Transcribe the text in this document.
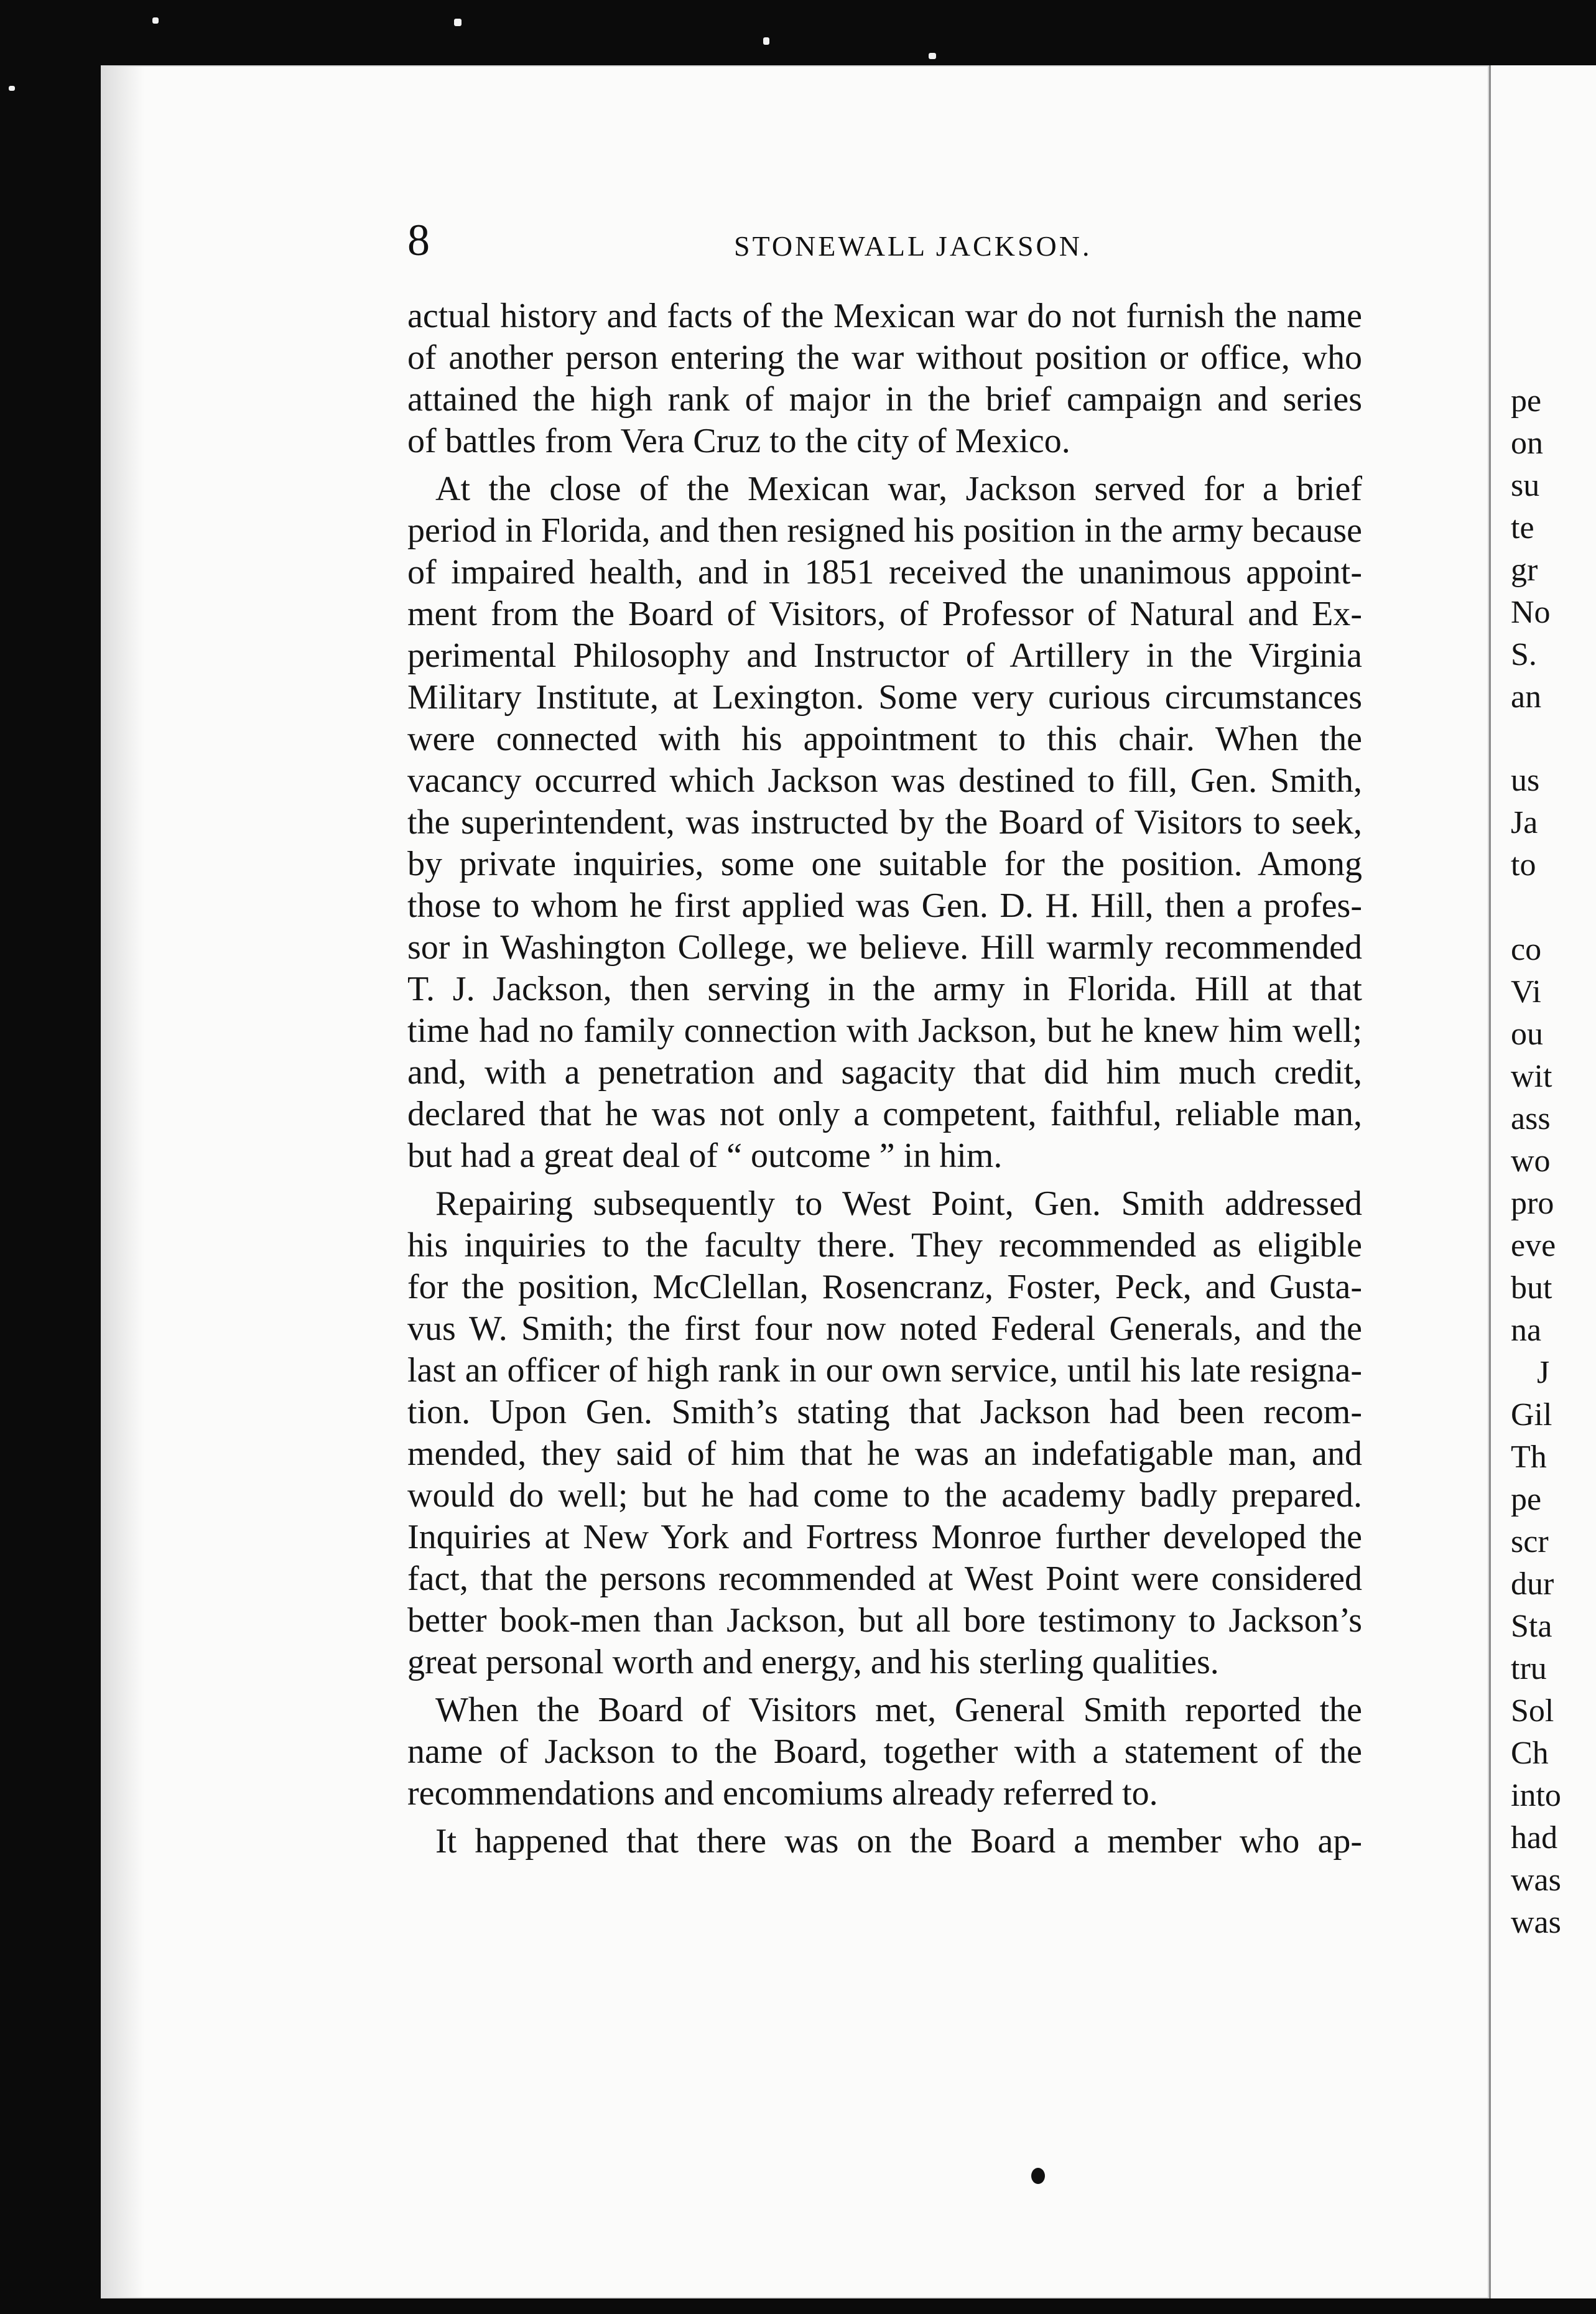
8	STONEWALL JACKSON.
actual history and facts of the Mexican war do not furnish the name
of another person entering the war without position or office, who
attained the high rank of major in the brief campaign and series
of battles from Vera Cruz to the city of Mexico.
At the close of the Mexican war, Jackson served for a brief
period in Florida, and then resigned his position in the army because
of impaired health, and in 1851 received the unanimous appoint-
ment from the Board of Visitors, of Professor of Natural and Ex-
perimental Philosophy and Instructor of Artillery in the Virginia
Military Institute, at Lexington. Some very curious circumstances
were connected with his appointment to this chair. When the
vacancy occurred which Jackson was destined to fill, Gen. Smith,
the superintendent, was instructed by the Board of Visitors to seek,
by private inquiries, some one suitable for the position. Among
those to whom he first applied was Gen. D. H. Hill, then a profes-
sor in Washington College, we believe. Hill warmly recommended
T. J. Jackson, then serving in the army in Florida. Hill at that
time had no family connection with Jackson, but he knew him well;
and, with a penetration and sagacity that did him much credit,
declared that he was not only a competent, faithful, reliable man,
but had a great deal of “ outcome ” in him.
Repairing subsequently to West Point, Gen. Smith addressed
his inquiries to the faculty there. They recommended as eligible
for the position, McClellan, Rosencranz, Foster, Peck, and Gusta-
vus W. Smith; the first four now noted Federal Generals, and the
last an officer of high rank in our own service, until his late resigna-
tion. Upon Gen. Smith’s stating that Jackson had been recom-
mended, they said of him that he was an indefatigable man, and
would do well; but he had come to the academy badly prepared.
Inquiries at New York and Fortress Monroe further developed the
fact, that the persons recommended at West Point were considered
better book-men than Jackson, but all bore testimony to Jackson’s
great personal worth and energy, and his sterling qualities.
When the Board of Visitors met, General Smith reported the
name of Jackson to the Board, together with a statement of the
recommendations and encomiums already referred to.
It happened that there was on the Board a member who ap-
pe
on
su
te
gr
No
S.
an
us
Ja
to
co
Vi
ou
wit
ass
wo
pro
eve
but
na
J
Gil
Th
pe
scr
dur
Sta
tru
Sol
Ch
into
had
was
was
